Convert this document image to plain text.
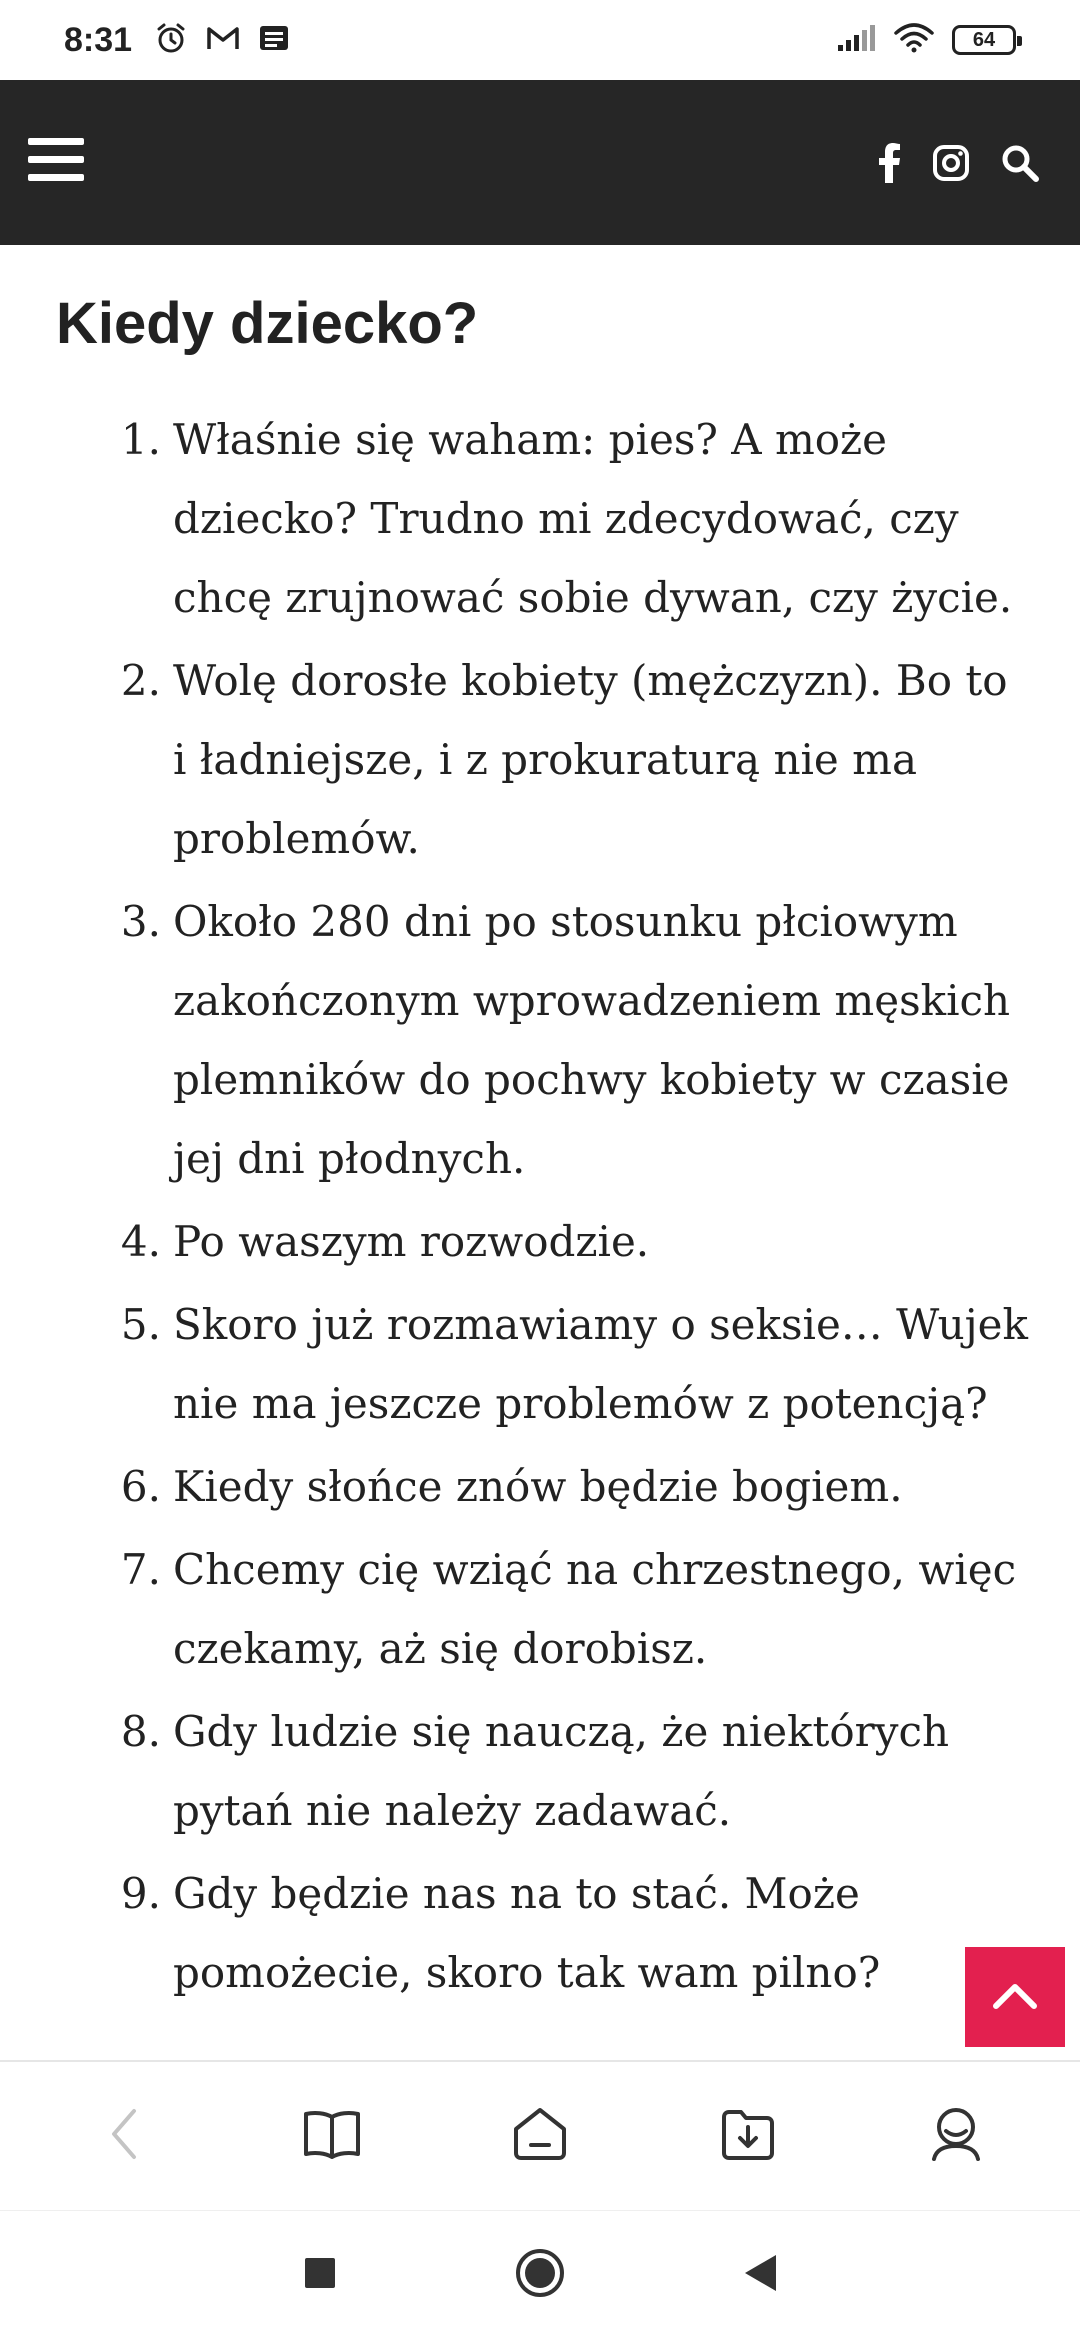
8:31	64
Kiedy dziecko?
1. Właśnie się waham: pies? A może dziecko? Trudno mi zdecydować, czy chcę zrujnować sobie dywan, czy życie.
2. Wolę dorosłe kobiety (mężczyzn). Bo to i ładniejsze, i z prokuraturą nie ma problemów.
3. Około 280 dni po stosunku płciowym zakończonym wprowadzeniem męskich plemników do pochwy kobiety w czasie jej dni płodnych.
4. Po waszym rozwodzie.
5. Skoro już rozmawiamy o seksie… Wujek nie ma jeszcze problemów z potencją?
6. Kiedy słońce znów będzie bogiem.
7. Chcemy cię wziąć na chrzestnego, więc czekamy, aż się dorobisz.
8. Gdy ludzie się nauczą, że niektórych pytań nie należy zadawać.
9. Gdy będzie nas na to stać. Może pomożecie, skoro tak wam pilno?
